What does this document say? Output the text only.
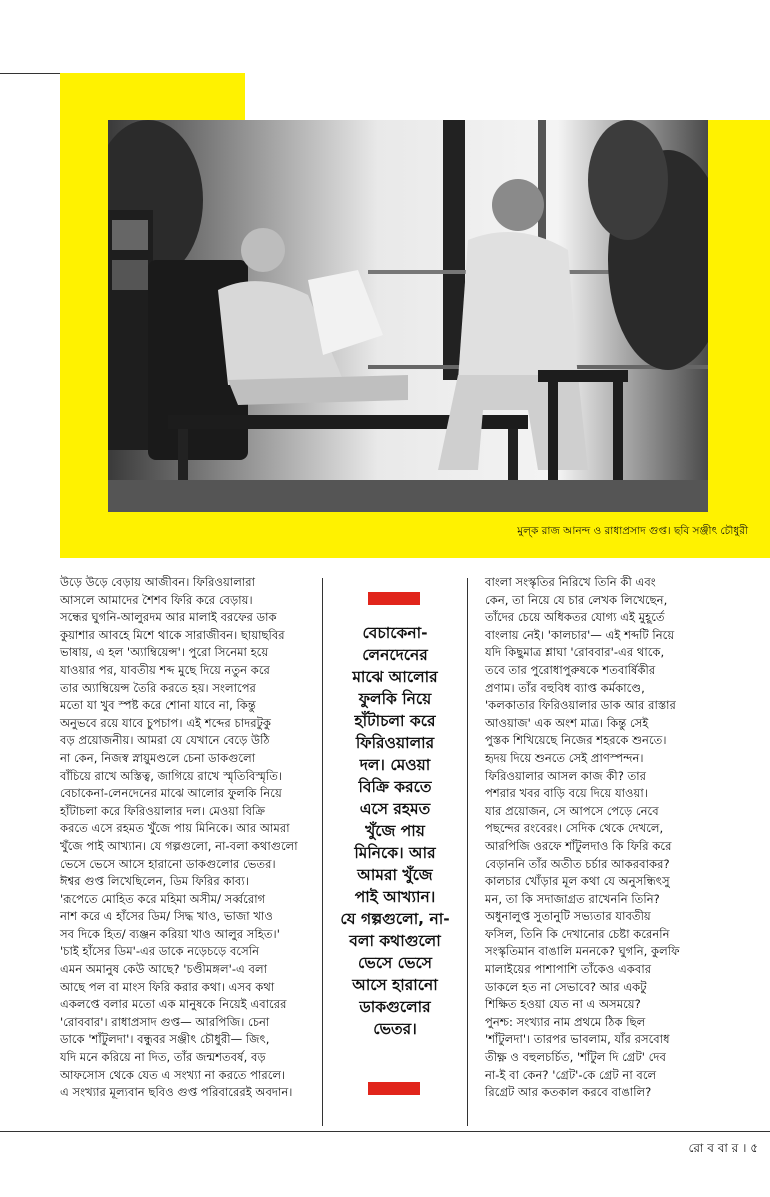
মুল্‌ক রাজ আনন্দ ও রাধাপ্রসাদ গুপ্ত। ছবি সঞ্জীৎ চৌধুরী

উড়ে উড়ে বেড়ায় আজীবন। ফিরিওয়ালারা

আসলে আমাদের শৈশব ফিরি করে বেড়ায়।

সন্ধের ঘুগনি-আলুরদম আর মালাই বরফের ডাক

কুয়াশার আবহে মিশে থাকে সারাজীবন। ছায়াছবির

ভাষায়, এ হল 'অ্যাম্বিয়েন্স'। পুরো সিনেমা হয়ে

যাওয়ার পর, যাবতীয় শব্দ মুছে দিয়ে নতুন করে

তার অ্যাম্বিয়েন্স তৈরি করতে হয়। সংলাপের

মতো যা খুব স্পষ্ট করে শোনা যাবে না, কিন্তু

অনুভবে রয়ে যাবে চুপচাপ। এই শব্দের চাদরটুকু

বড় প্রয়োজনীয়। আমরা যে যেখানে বেড়ে উঠি

না কেন, নিজস্ব স্নায়ুমণ্ডলে চেনা ডাকগুলো

বাঁচিয়ে রাখে অস্তিত্ব, জাগিয়ে রাখে স্মৃতিবিস্মৃতি।

বেচাকেনা-লেনদেনের মাঝে আলোর ফুলকি নিয়ে

হাঁটাচলা করে ফিরিওয়ালার দল। মেওয়া বিক্রি

করতে এসে রহমত খুঁজে পায় মিনিকে। আর আমরা

খুঁজে পাই আখ্যান। যে গল্পগুলো, না-বলা কথাগুলো

ভেসে ভেসে আসে হারানো ডাকগুলোর ভেতর।

ঈশ্বর গুপ্ত লিখেছিলেন, ডিম ফিরির কাব্য।

'রূপেতে মোহিত করে মহিমা অসীম/ সর্ব্বরোগ

নাশ করে এ হাঁসের ডিম/ সিদ্ধ খাও, ভাজা খাও

সব দিকে হিত/ ব্যঞ্জন করিয়া খাও আলুর সহিত।'

'চাই হাঁসের ডিম'-এর ডাকে নড়েচড়ে বসেনি

এমন অমানুষ কেউ আছে? 'চণ্ডীমঙ্গল'-এ বলা

আছে পল বা মাংস ফিরি করার কথা। এসব কথা

একলপ্তে বলার মতো এক মানুষকে নিয়েই এবারের

'রোববার'। রাধাপ্রসাদ গুপ্ত— আরপিজি। চেনা

ডাকে 'শাঁটুলদা'। বন্ধুবর সঞ্জীৎ চৌধুরী— জিৎ,

যদি মনে করিয়ে না দিত, তাঁর জন্মশতবর্ষ, বড়

আফসোস থেকে যেত এ সংখ্যা না করতে পারলে।

এ সংখ্যার মূল্যবান ছবিও গুপ্ত পরিবারেরই অবদান।

বেচাকেনা-

লেনদেনের

মাঝে আলোর

ফুলকি নিয়ে

হাঁটাচলা করে

ফিরিওয়ালার

দল। মেওয়া

বিক্রি করতে

এসে রহমত

খুঁজে পায়

মিনিকে। আর

আমরা খুঁজে

পাই আখ্যান।

যে গল্পগুলো, না-

বলা কথাগুলো

ভেসে ভেসে

আসে হারানো

ডাকগুলোর

ভেতর।

বাংলা সংস্কৃতির নিরিখে তিনি কী এবং

কেন, তা নিয়ে যে চার লেখক লিখেছেন,

তাঁদের চেয়ে অধিকতর যোগ্য এই মুহূর্তে

বাংলায় নেই। 'কালচার'— এই শব্দটি নিয়ে

যদি কিছুমাত্র শ্লাঘা 'রোববার'-এর থাকে,

তবে তার পুরোধাপুরুষকে শতবার্ষিকীর

প্রণাম। তাঁর বহুবিধ ব্যাপ্ত কর্মকাণ্ডে,

'কলকাতার ফিরিওয়ালার ডাক আর রাস্তার

আওয়াজ' এক অংশ মাত্র। কিন্তু সেই

পুস্তক শিখিয়েছে নিজের শহরকে শুনতে।

হৃদয় দিয়ে শুনতে সেই প্রাণস্পন্দন।

ফিরিওয়ালার আসল কাজ কী? তার

পশরার খবর বাড়ি বয়ে দিয়ে যাওয়া।

যার প্রয়োজন, সে আপসে পেড়ে নেবে

পছন্দের রংবেরং। সেদিক থেকে দেখলে,

আরপিজি ওরফে শাঁটুলদাও কি ফিরি করে

বেড়াননি তাঁর অতীত চর্চার আকরবাকর?

কালচার খোঁড়ার মূল কথা যে অনুসন্ধিৎসু

মন, তা কি সদাজাগ্রত রাখেননি তিনি?

অধুনালুপ্ত সুতানুটি সভ্যতার যাবতীয়

ফসিল, তিনি কি দেখানোর চেষ্টা করেননি

সংস্কৃতিমান বাঙালি মননকে? ঘুগনি, কুলফি

মালাইয়ের পাশাপাশি তাঁকেও একবার

ডাকলে হত না সেভাবে? আর একটু

শিক্ষিত হওয়া যেত না এ অসময়ে?

পুনশ্চ: সংখ্যার নাম প্রথমে ঠিক ছিল

'শাঁটুলদা'। তারপর ভাবলাম, যাঁর রসবোধ

তীক্ষ্ণ ও বহুলচর্চিত, 'শাঁটুল দি গ্রেট' দেব

না-ই বা কেন? 'গ্রেট'-কে গ্রেট না বলে

রিগ্রেট আর কতকাল করবে বাঙালি?

রো ব বা র । ৫
